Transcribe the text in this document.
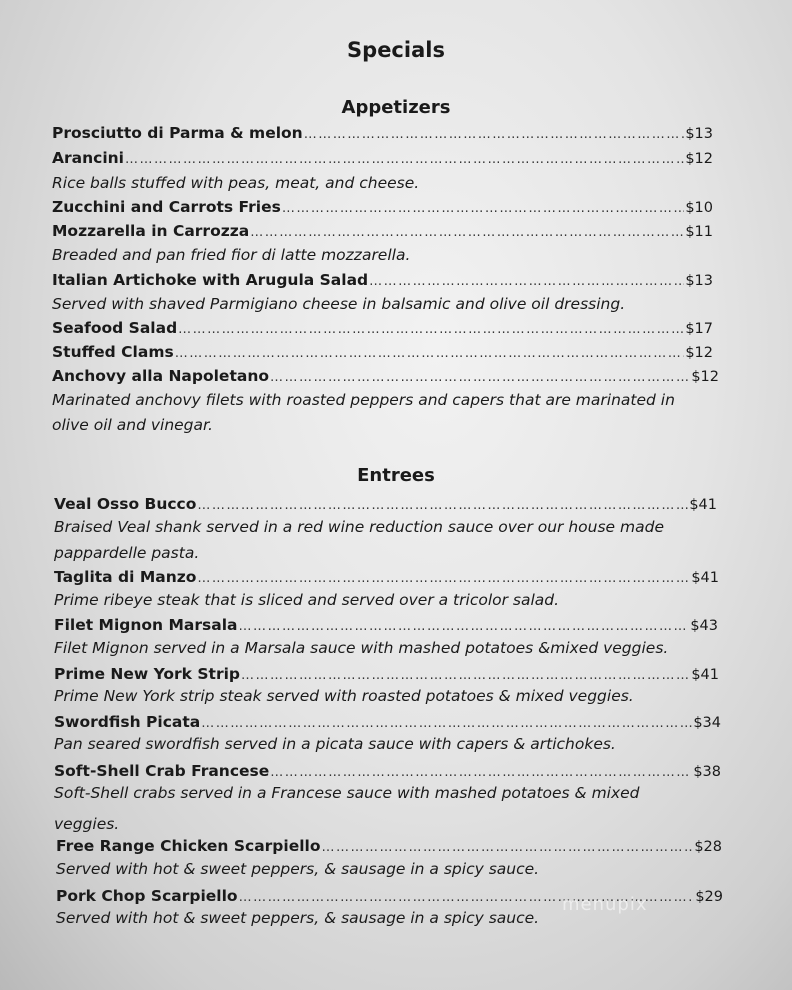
Specials
Appetizers
Prosciutto di Parma & melon ………………………………………………………………………………………………………………………………………………………………………………………………	$13
Arancini ………………………………………………………………………………………………………………………………………………………………………………………………	$12
Rice balls stuffed with peas, meat, and cheese.
Zucchini and Carrots Fries ………………………………………………………………………………………………………………………………………………………………………………………………	$10
Mozzarella in Carrozza ………………………………………………………………………………………………………………………………………………………………………………………………	$11
Breaded and pan fried fior di latte mozzarella.
Italian Artichoke with Arugula Salad ………………………………………………………………………………………………………………………………………………………………………………………………	$13
Served with shaved Parmigiano cheese in balsamic and olive oil dressing.
Seafood Salad ………………………………………………………………………………………………………………………………………………………………………………………………	$17
Stuffed Clams ………………………………………………………………………………………………………………………………………………………………………………………………	$12
Anchovy alla Napoletano ………………………………………………………………………………………………………………………………………………………………………………………………	$12
Marinated anchovy filets with roasted peppers and capers that are marinated in
olive oil and vinegar.
Entrees
Veal Osso Bucco ………………………………………………………………………………………………………………………………………………………………………………………………	$41
Braised Veal shank served in a red wine reduction sauce over our house made
pappardelle pasta.
Taglita di Manzo ………………………………………………………………………………………………………………………………………………………………………………………………	$41
Prime ribeye steak that is sliced and served over a tricolor salad.
Filet Mignon Marsala ………………………………………………………………………………………………………………………………………………………………………………………………	$43
Filet Mignon served in a Marsala sauce with mashed potatoes &mixed veggies.
Prime New York Strip ………………………………………………………………………………………………………………………………………………………………………………………………	$41
Prime New York strip steak served with roasted potatoes & mixed veggies.
Swordfish Picata ………………………………………………………………………………………………………………………………………………………………………………………………	$34
Pan seared swordfish served in a picata sauce with capers & artichokes.
Soft-Shell Crab Francese ………………………………………………………………………………………………………………………………………………………………………………………………	$38
Soft-Shell crabs served in a Francese sauce with mashed potatoes & mixed
veggies.
Free Range Chicken Scarpiello ………………………………………………………………………………………………………………………………………………………………………………………………	$28
Served with hot & sweet peppers, & sausage in a spicy sauce.
Pork Chop Scarpiello ………………………………………………………………………………………………………………………………………………………………………………………………	$29
Served with hot & sweet peppers, & sausage in a spicy sauce.
menupix
